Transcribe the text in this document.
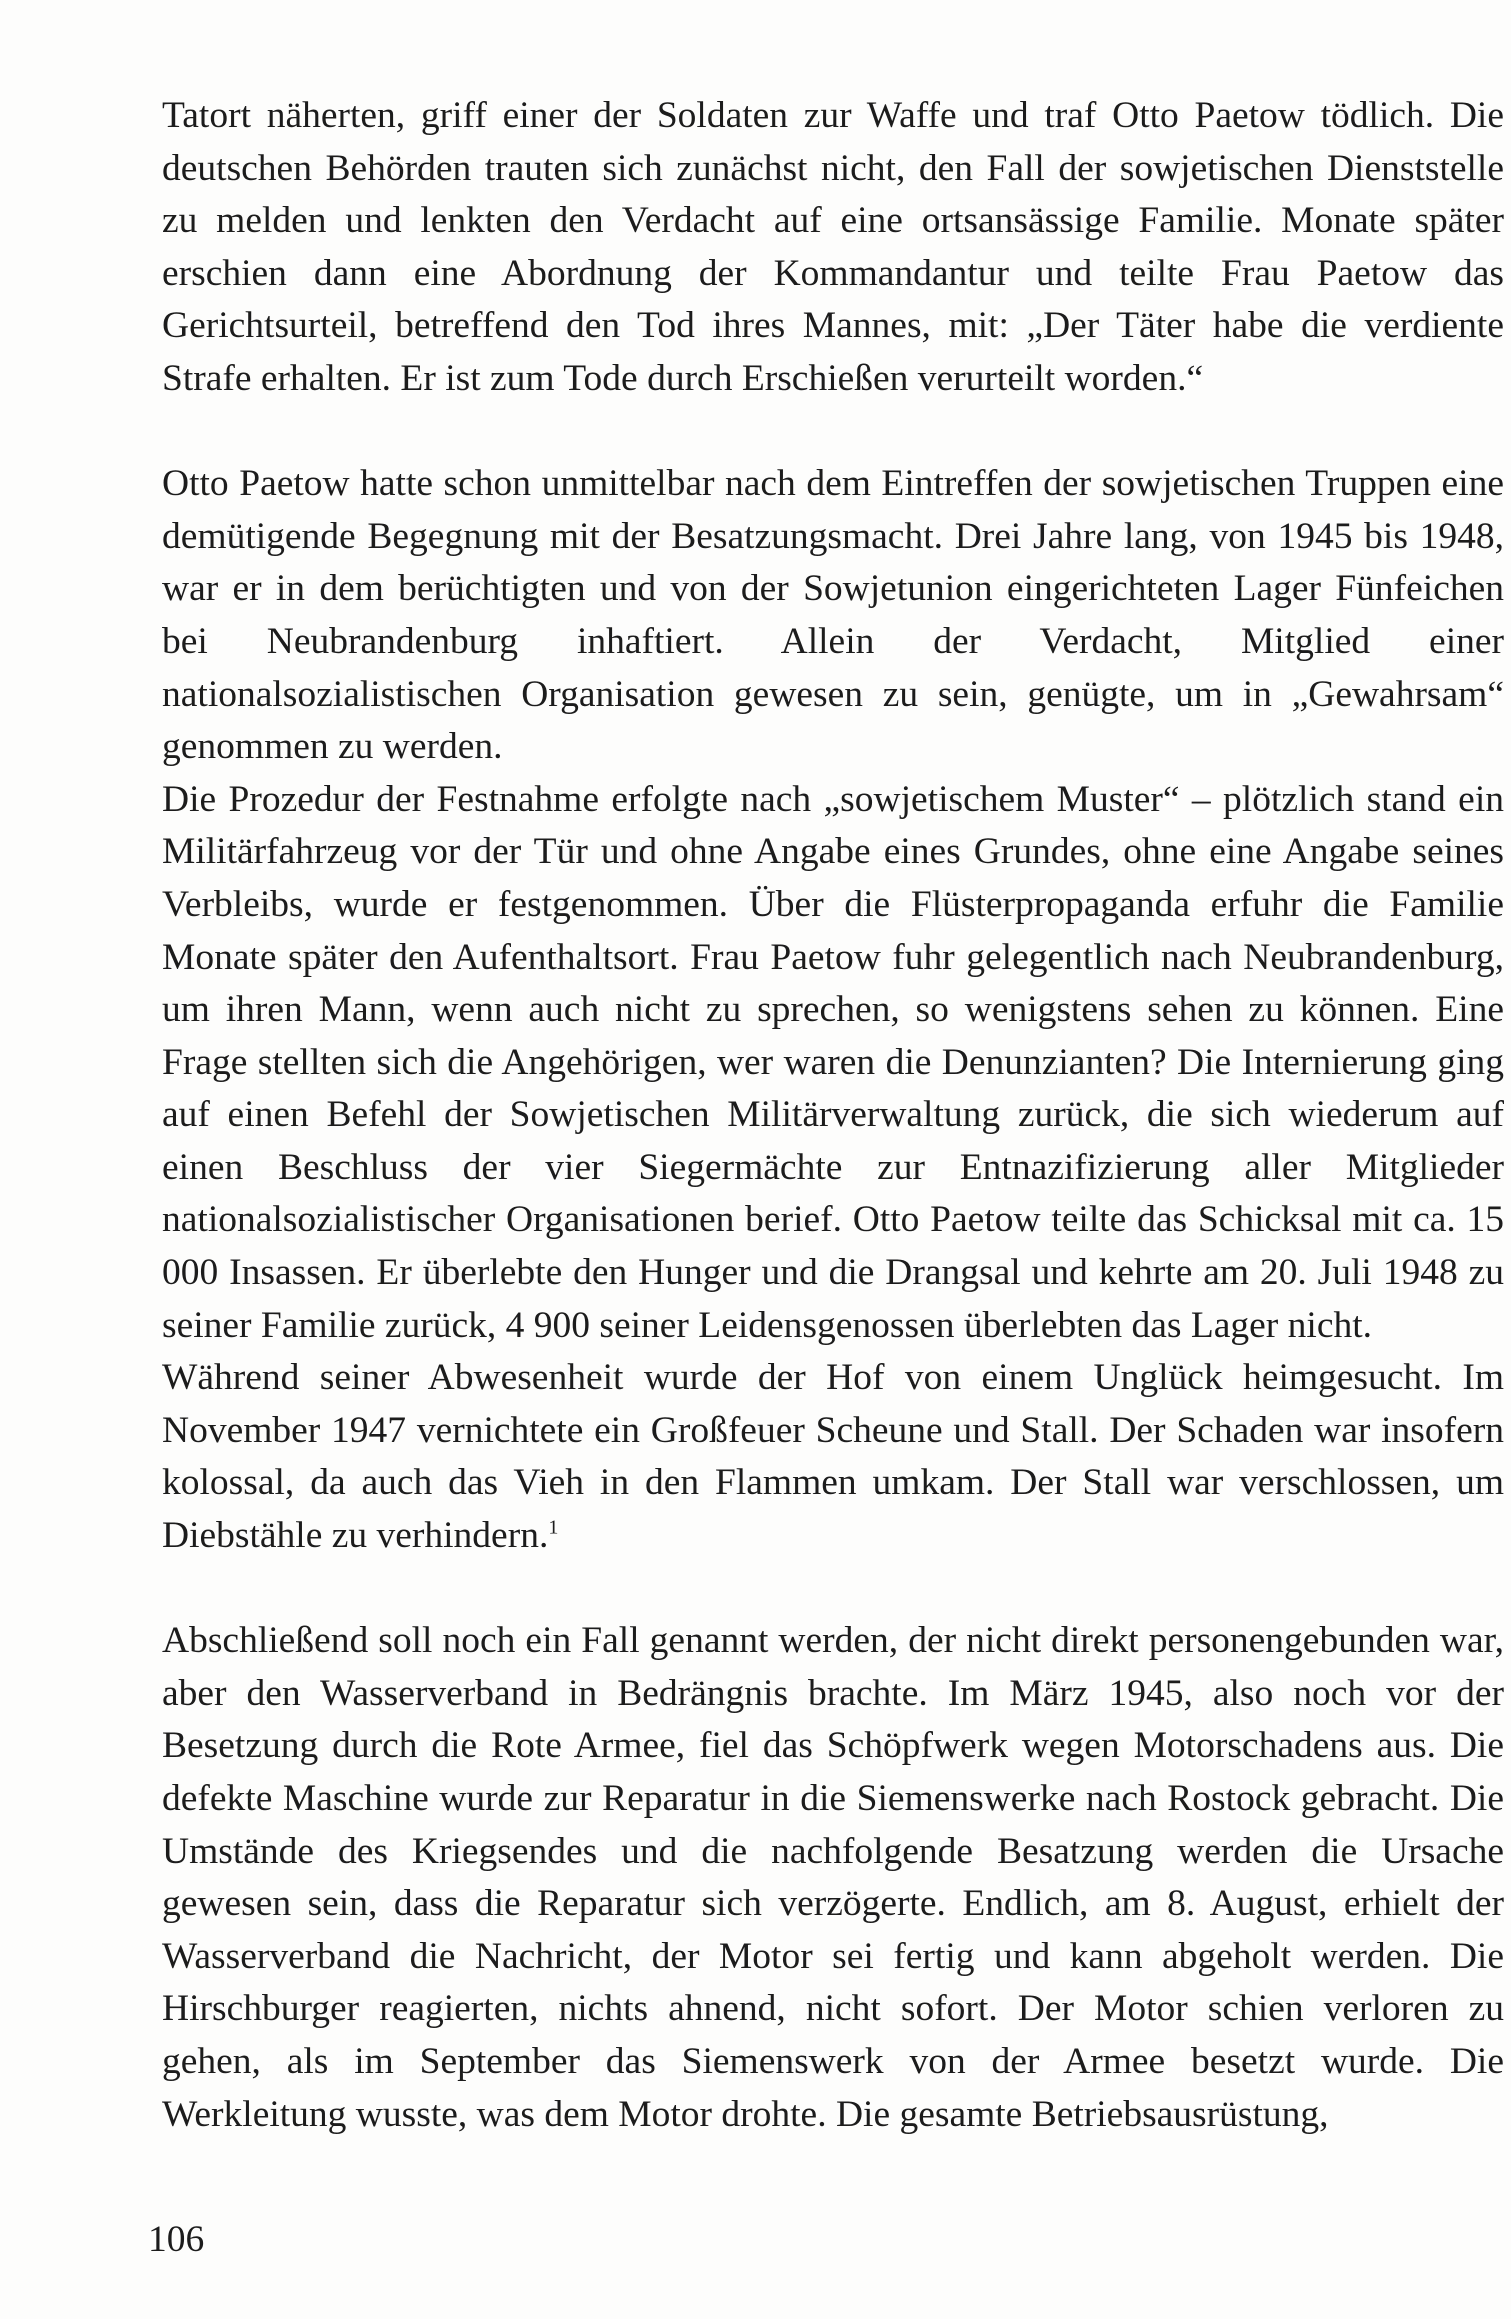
Tatort näherten, griff einer der Soldaten zur Waffe und traf Otto Paetow tödlich. Die deutschen Behörden trauten sich zunächst nicht, den Fall der sowjetischen Dienststelle zu melden und lenkten den Verdacht auf eine ortsansässige Familie. Monate später erschien dann eine Abordnung der Kommandantur und teilte Frau Paetow das Gerichtsurteil, betreffend den Tod ihres Mannes, mit: „Der Täter habe die verdiente Strafe erhalten. Er ist zum Tode durch Erschießen verurteilt worden.“

Otto Paetow hatte schon unmittelbar nach dem Eintreffen der sowjetischen Truppen eine demütigende Begegnung mit der Besatzungsmacht. Drei Jahre lang, von 1945 bis 1948, war er in dem berüchtigten und von der Sowjetunion eingerichteten Lager Fünfeichen bei Neubrandenburg inhaftiert. Allein der Verdacht, Mitglied einer nationalsozialistischen Organisation gewesen zu sein, genügte, um in „Gewahrsam“ genommen zu werden.

Die Prozedur der Festnahme erfolgte nach „sowjetischem Muster“ – plötzlich stand ein Militärfahrzeug vor der Tür und ohne Angabe eines Grundes, ohne eine Angabe seines Verbleibs, wurde er festgenommen. Über die Flüsterpropaganda erfuhr die Familie Monate später den Aufenthaltsort. Frau Paetow fuhr gelegentlich nach Neubrandenburg, um ihren Mann, wenn auch nicht zu sprechen, so wenigstens sehen zu können. Eine Frage stellten sich die Angehörigen, wer waren die Denunzianten? Die Internierung ging auf einen Befehl der Sowjetischen Militärverwaltung zurück, die sich wiederum auf einen Beschluss der vier Siegermächte zur Entnazifizierung aller Mitglieder nationalsozialistischer Organisationen berief. Otto Paetow teilte das Schicksal mit ca. 15 000 Insassen. Er überlebte den Hunger und die Drangsal und kehrte am 20. Juli 1948 zu seiner Familie zurück, 4 900 seiner Leidensgenossen überlebten das Lager nicht.

Während seiner Abwesenheit wurde der Hof von einem Unglück heimgesucht. Im November 1947 vernichtete ein Großfeuer Scheune und Stall. Der Schaden war insofern kolossal, da auch das Vieh in den Flammen umkam. Der Stall war verschlossen, um Diebstähle zu verhindern.$^1$

Abschließend soll noch ein Fall genannt werden, der nicht direkt personengebunden war, aber den Wasserverband in Bedrängnis brachte. Im März 1945, also noch vor der Besetzung durch die Rote Armee, fiel das Schöpfwerk wegen Motorschadens aus. Die defekte Maschine wurde zur Reparatur in die Siemenswerke nach Rostock gebracht. Die Umstände des Kriegsendes und die nachfolgende Besatzung werden die Ursache gewesen sein, dass die Reparatur sich verzögerte. Endlich, am 8. August, erhielt der Wasserverband die Nachricht, der Motor sei fertig und kann abgeholt werden. Die Hirschburger reagierten, nichts ahnend, nicht sofort. Der Motor schien verloren zu gehen, als im September das Siemenswerk von der Armee besetzt wurde. Die Werkleitung wusste, was dem Motor drohte. Die gesamte Betriebsausrüstung,

106
